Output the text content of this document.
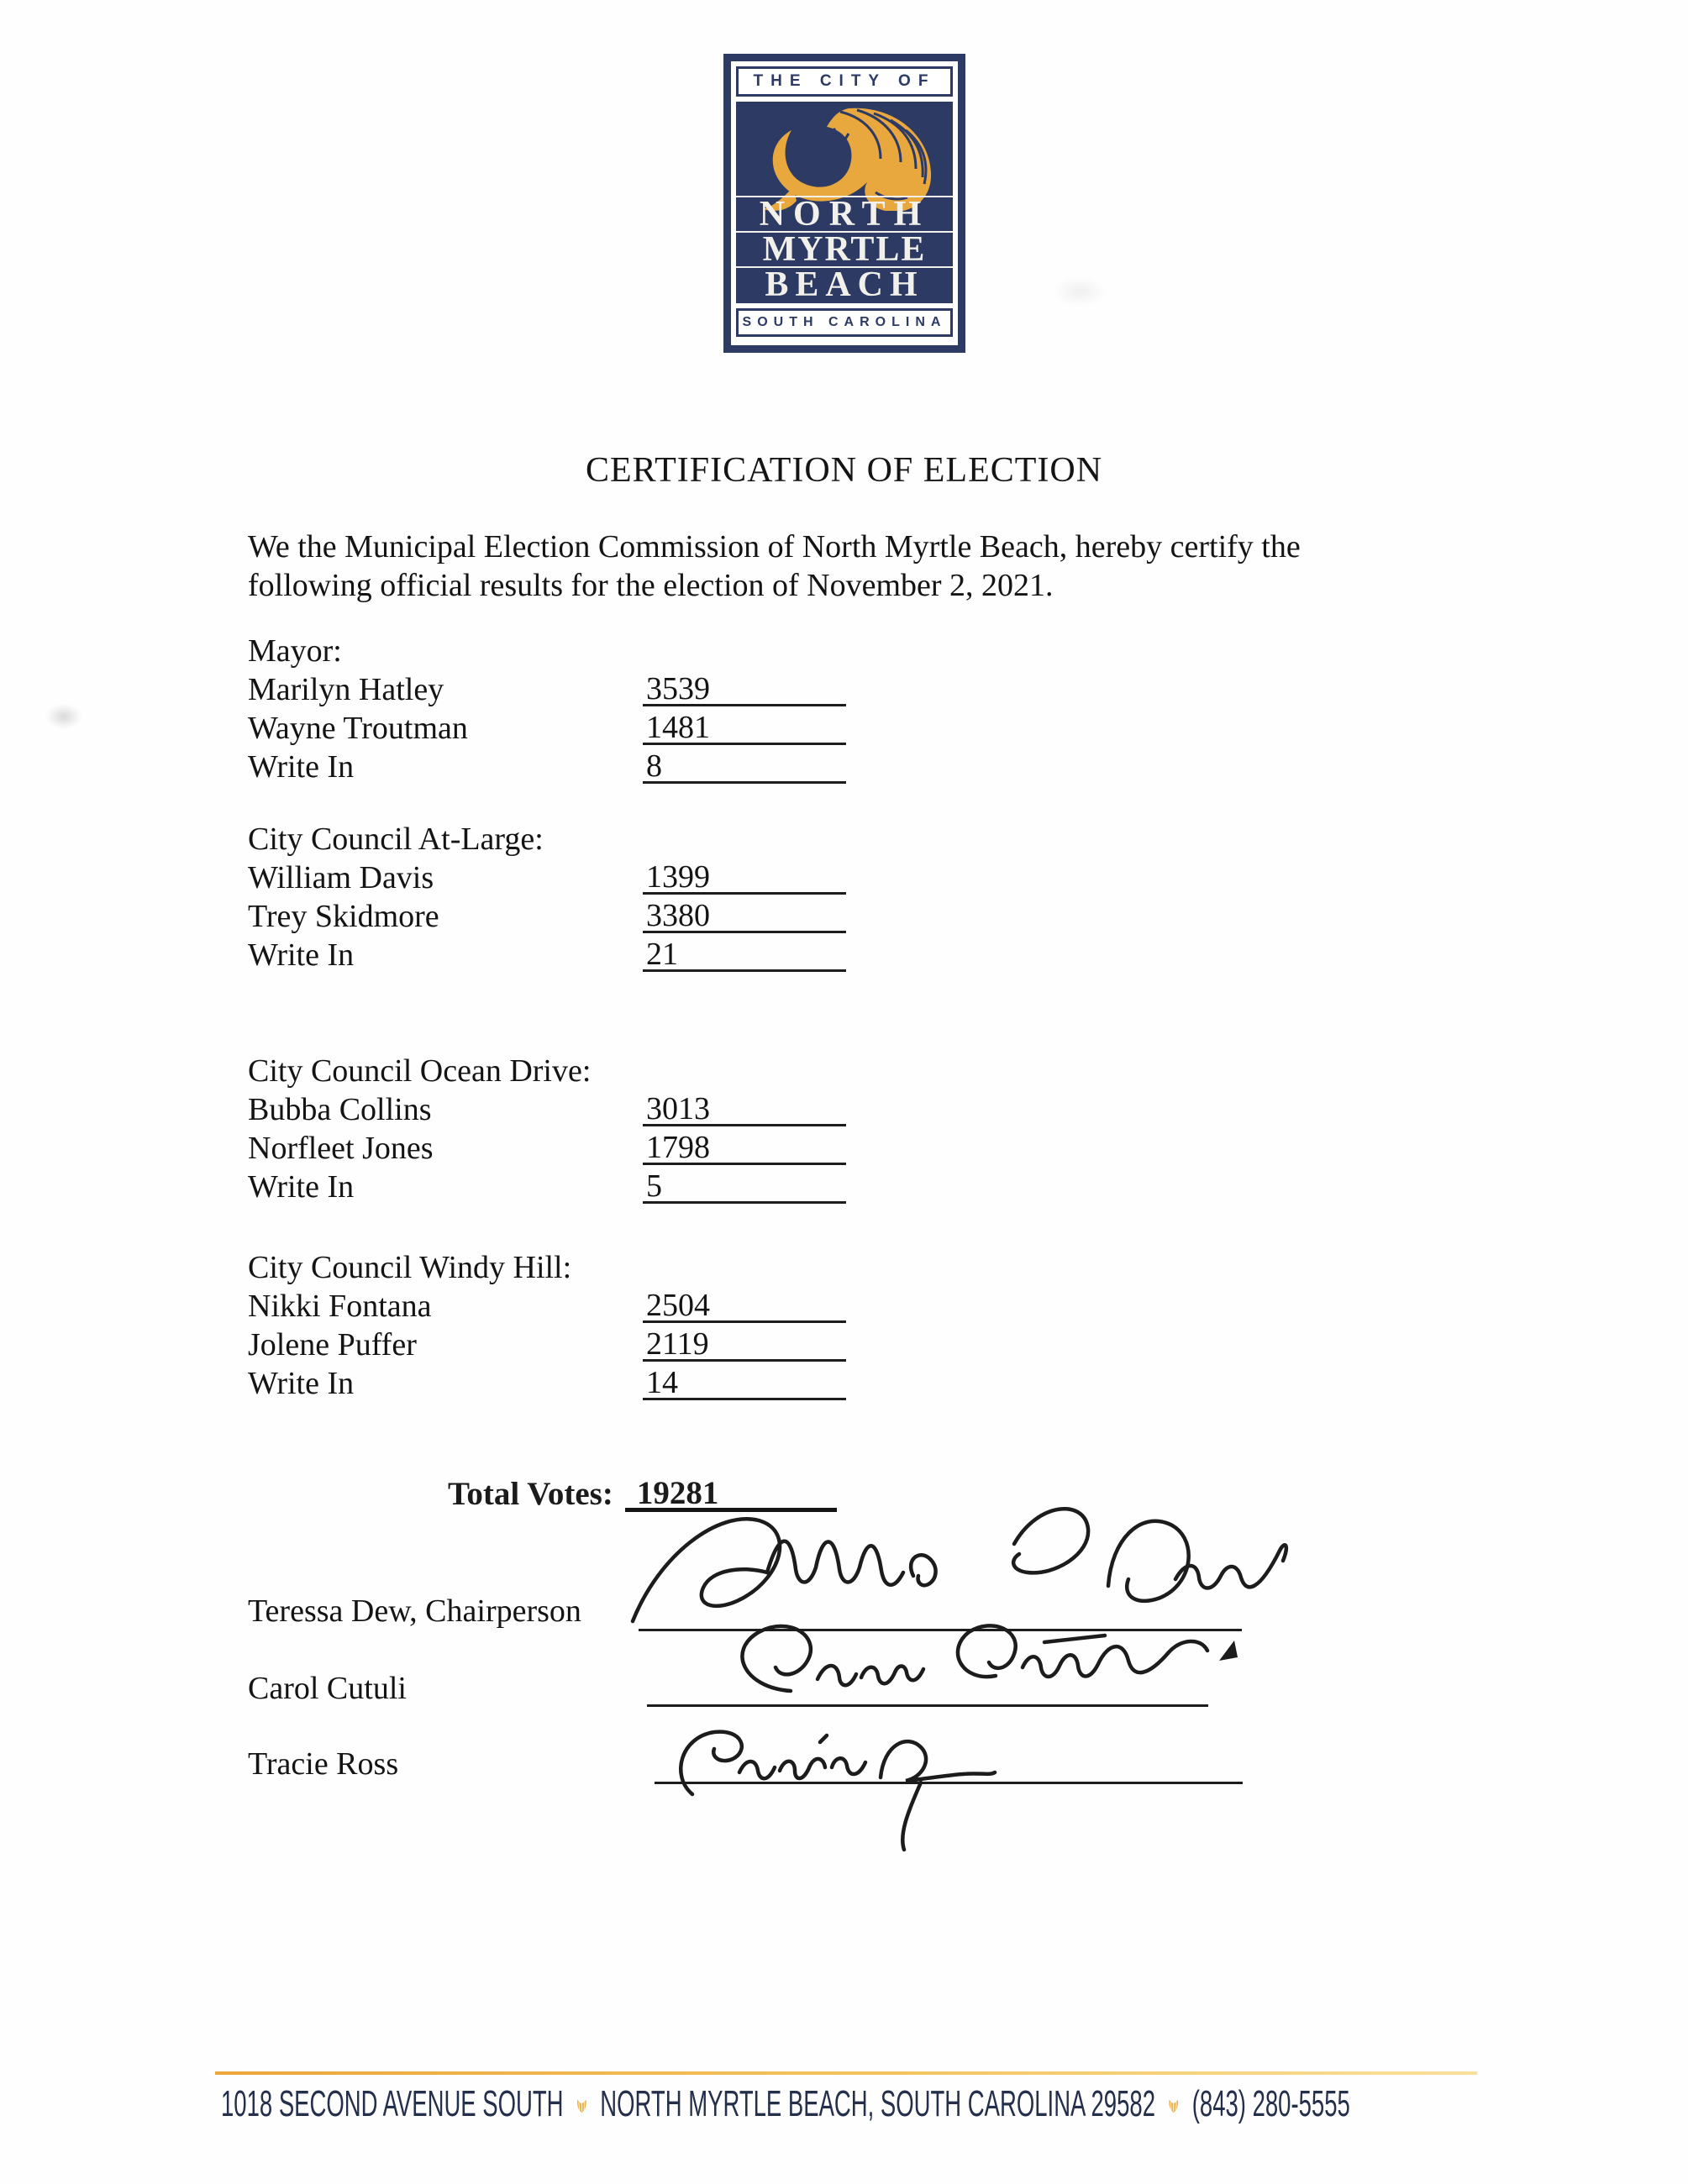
THE CITY OF
NORTH
MYRTLE
BEACH
SOUTH CAROLINA
CERTIFICATION OF ELECTION
We the Municipal Election Commission of North Myrtle Beach, hereby certify the
following official results for the election of November 2, 2021.
Mayor:
Marilyn Hatley	3539
Wayne Troutman	1481
Write In	8
City Council At-Large:
William Davis	1399
Trey Skidmore	3380
Write In	21
City Council Ocean Drive:
Bubba Collins	3013
Norfleet Jones	1798
Write In	5
City Council Windy Hill:
Nikki Fontana	2504
Jolene Puffer	2119
Write In	14
Total Votes: 19281
Teressa Dew, Chairperson
Carol Cutuli
Tracie Ross
1018 SECOND AVENUE SOUTH NORTH MYRTLE BEACH, SOUTH CAROLINA 29582 (843) 280-5555
